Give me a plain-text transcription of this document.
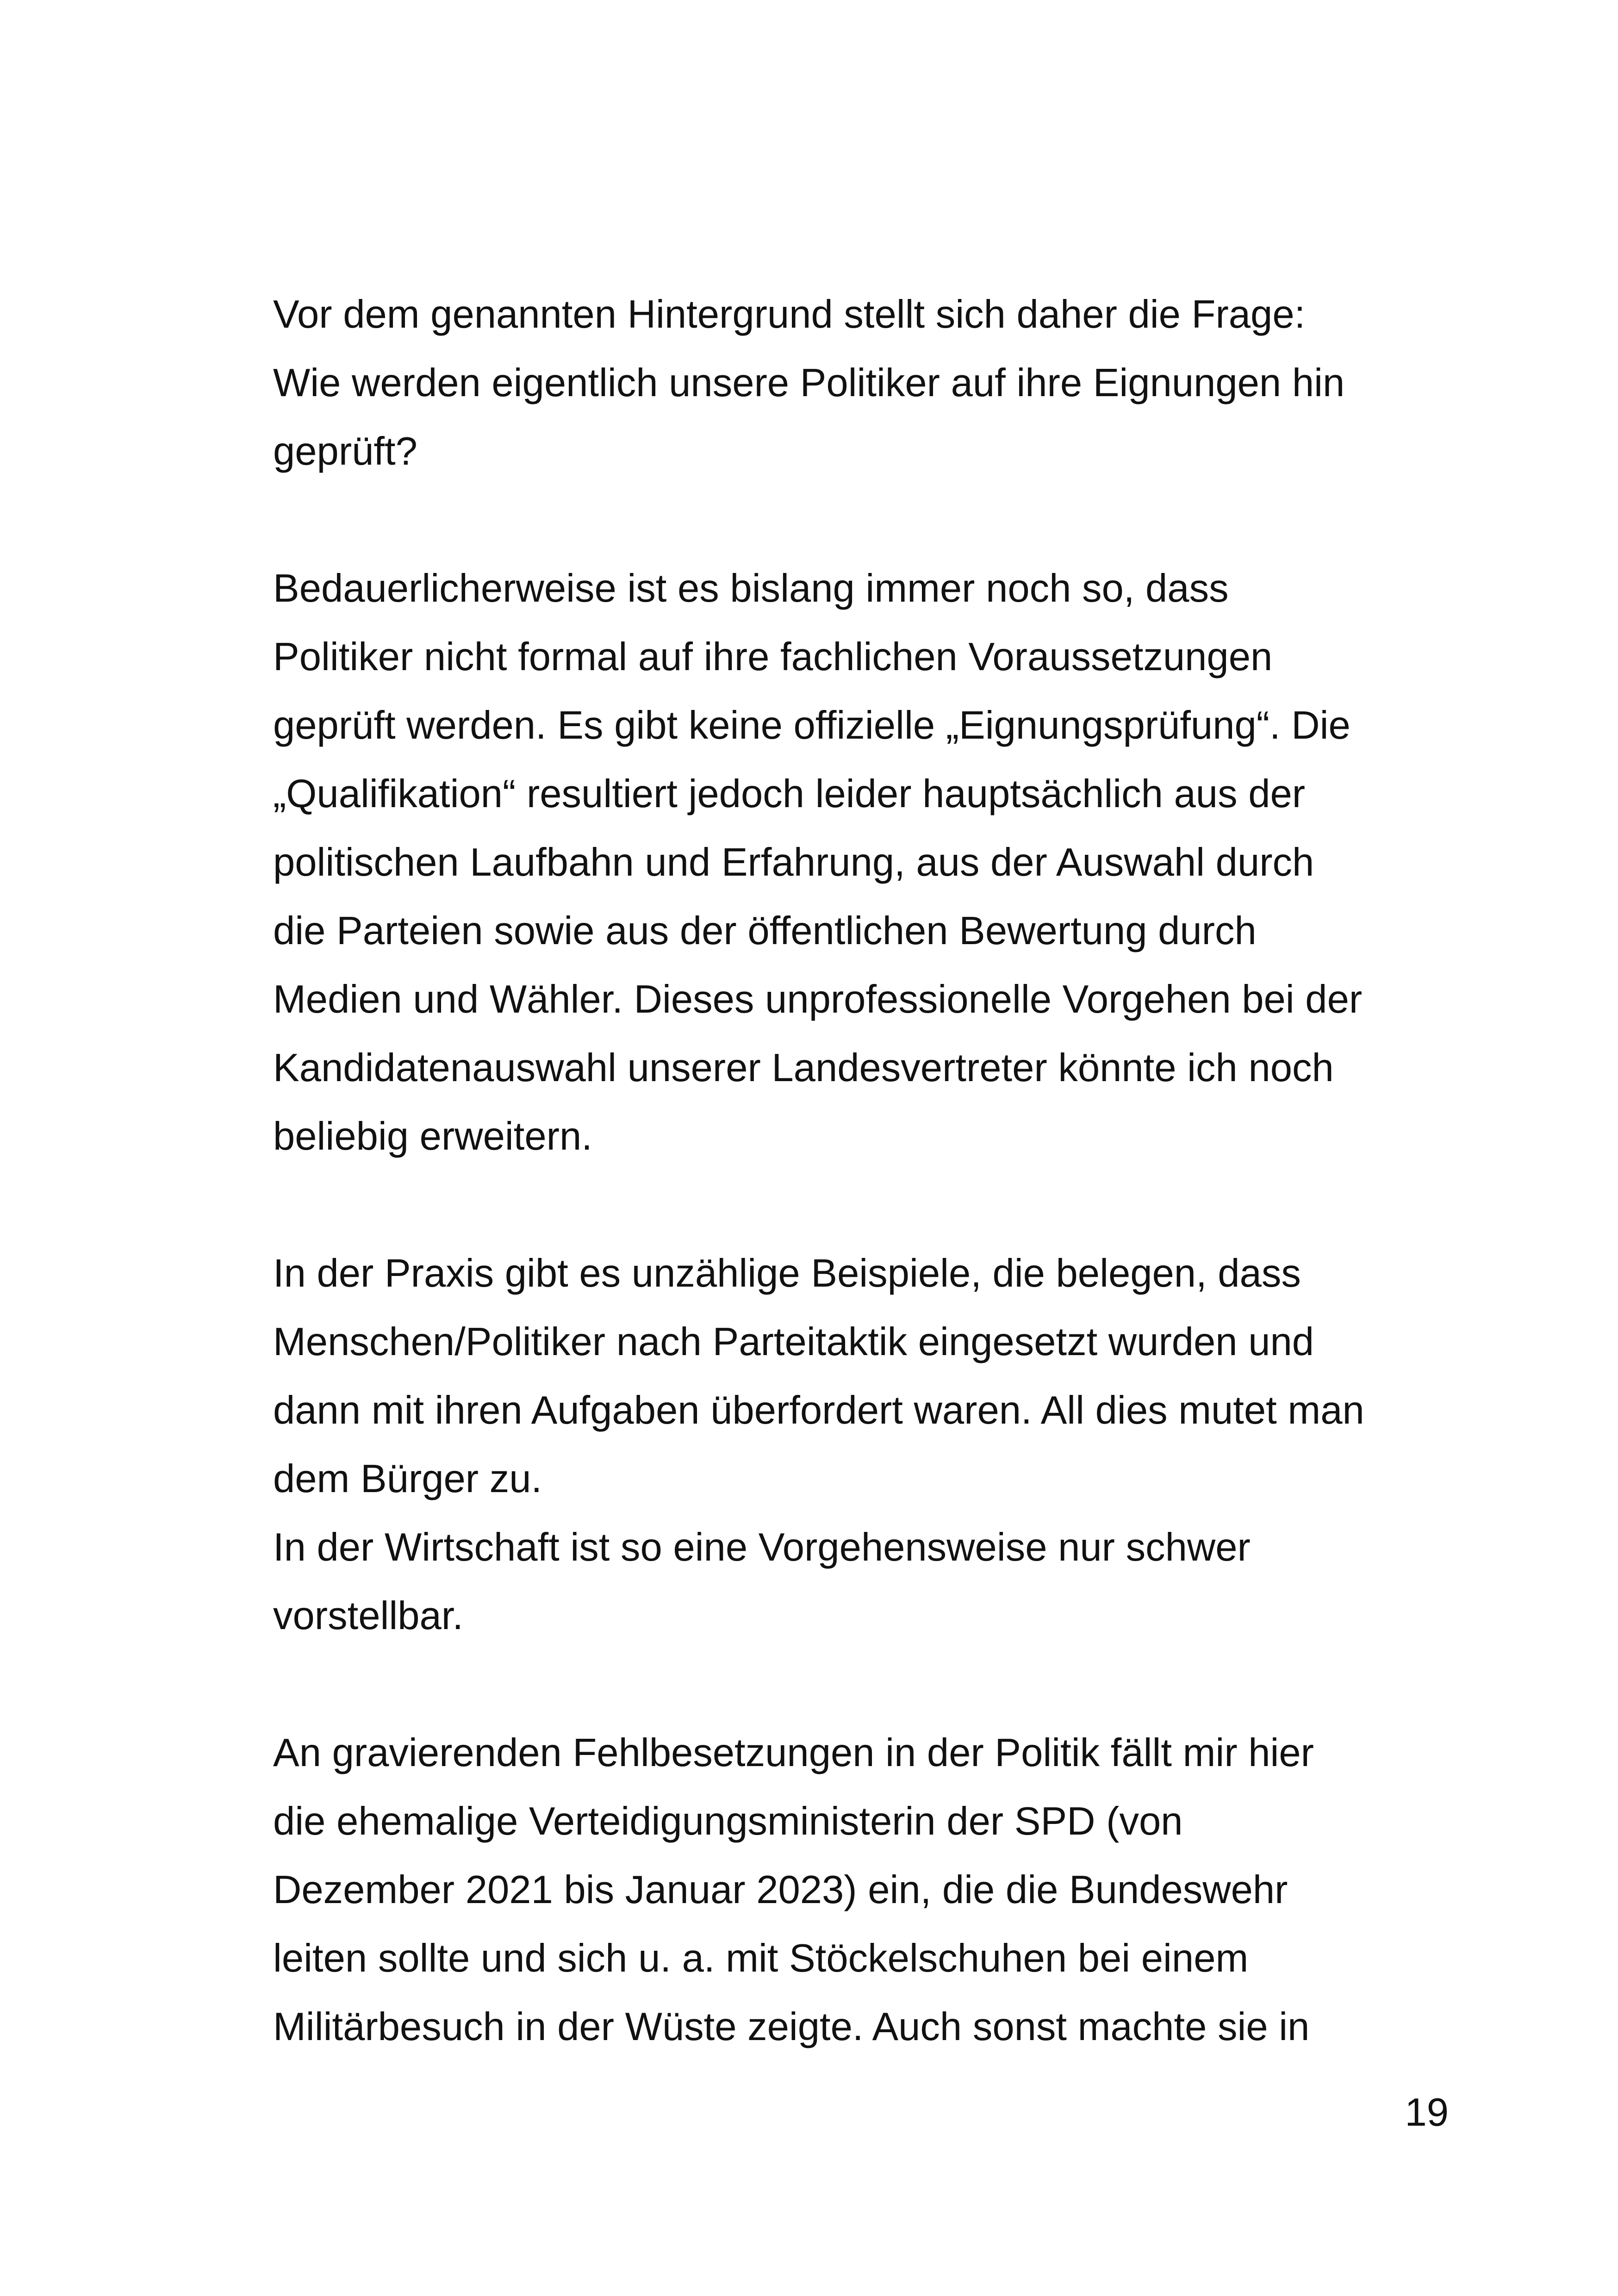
Vor dem genannten Hintergrund stellt sich daher die Frage:
Wie werden eigentlich unsere Politiker auf ihre Eignungen hin
geprüft?
Bedauerlicherweise ist es bislang immer noch so, dass
Politiker nicht formal auf ihre fachlichen Voraussetzungen
geprüft werden. Es gibt keine offizielle „Eignungsprüfung“. Die
„Qualifikation“ resultiert jedoch leider hauptsächlich aus der
politischen Laufbahn und Erfahrung, aus der Auswahl durch
die Parteien sowie aus der öffentlichen Bewertung durch
Medien und Wähler. Dieses unprofessionelle Vorgehen bei der
Kandidatenauswahl unserer Landesvertreter könnte ich noch
beliebig erweitern.
In der Praxis gibt es unzählige Beispiele, die belegen, dass
Menschen/Politiker nach Parteitaktik eingesetzt wurden und
dann mit ihren Aufgaben überfordert waren. All dies mutet man
dem Bürger zu.
In der Wirtschaft ist so eine Vorgehensweise nur schwer
vorstellbar.
An gravierenden Fehlbesetzungen in der Politik fällt mir hier
die ehemalige Verteidigungsministerin der SPD (von
Dezember 2021 bis Januar 2023) ein, die die Bundeswehr
leiten sollte und sich u. a. mit Stöckelschuhen bei einem
Militärbesuch in der Wüste zeigte. Auch sonst machte sie in
19
